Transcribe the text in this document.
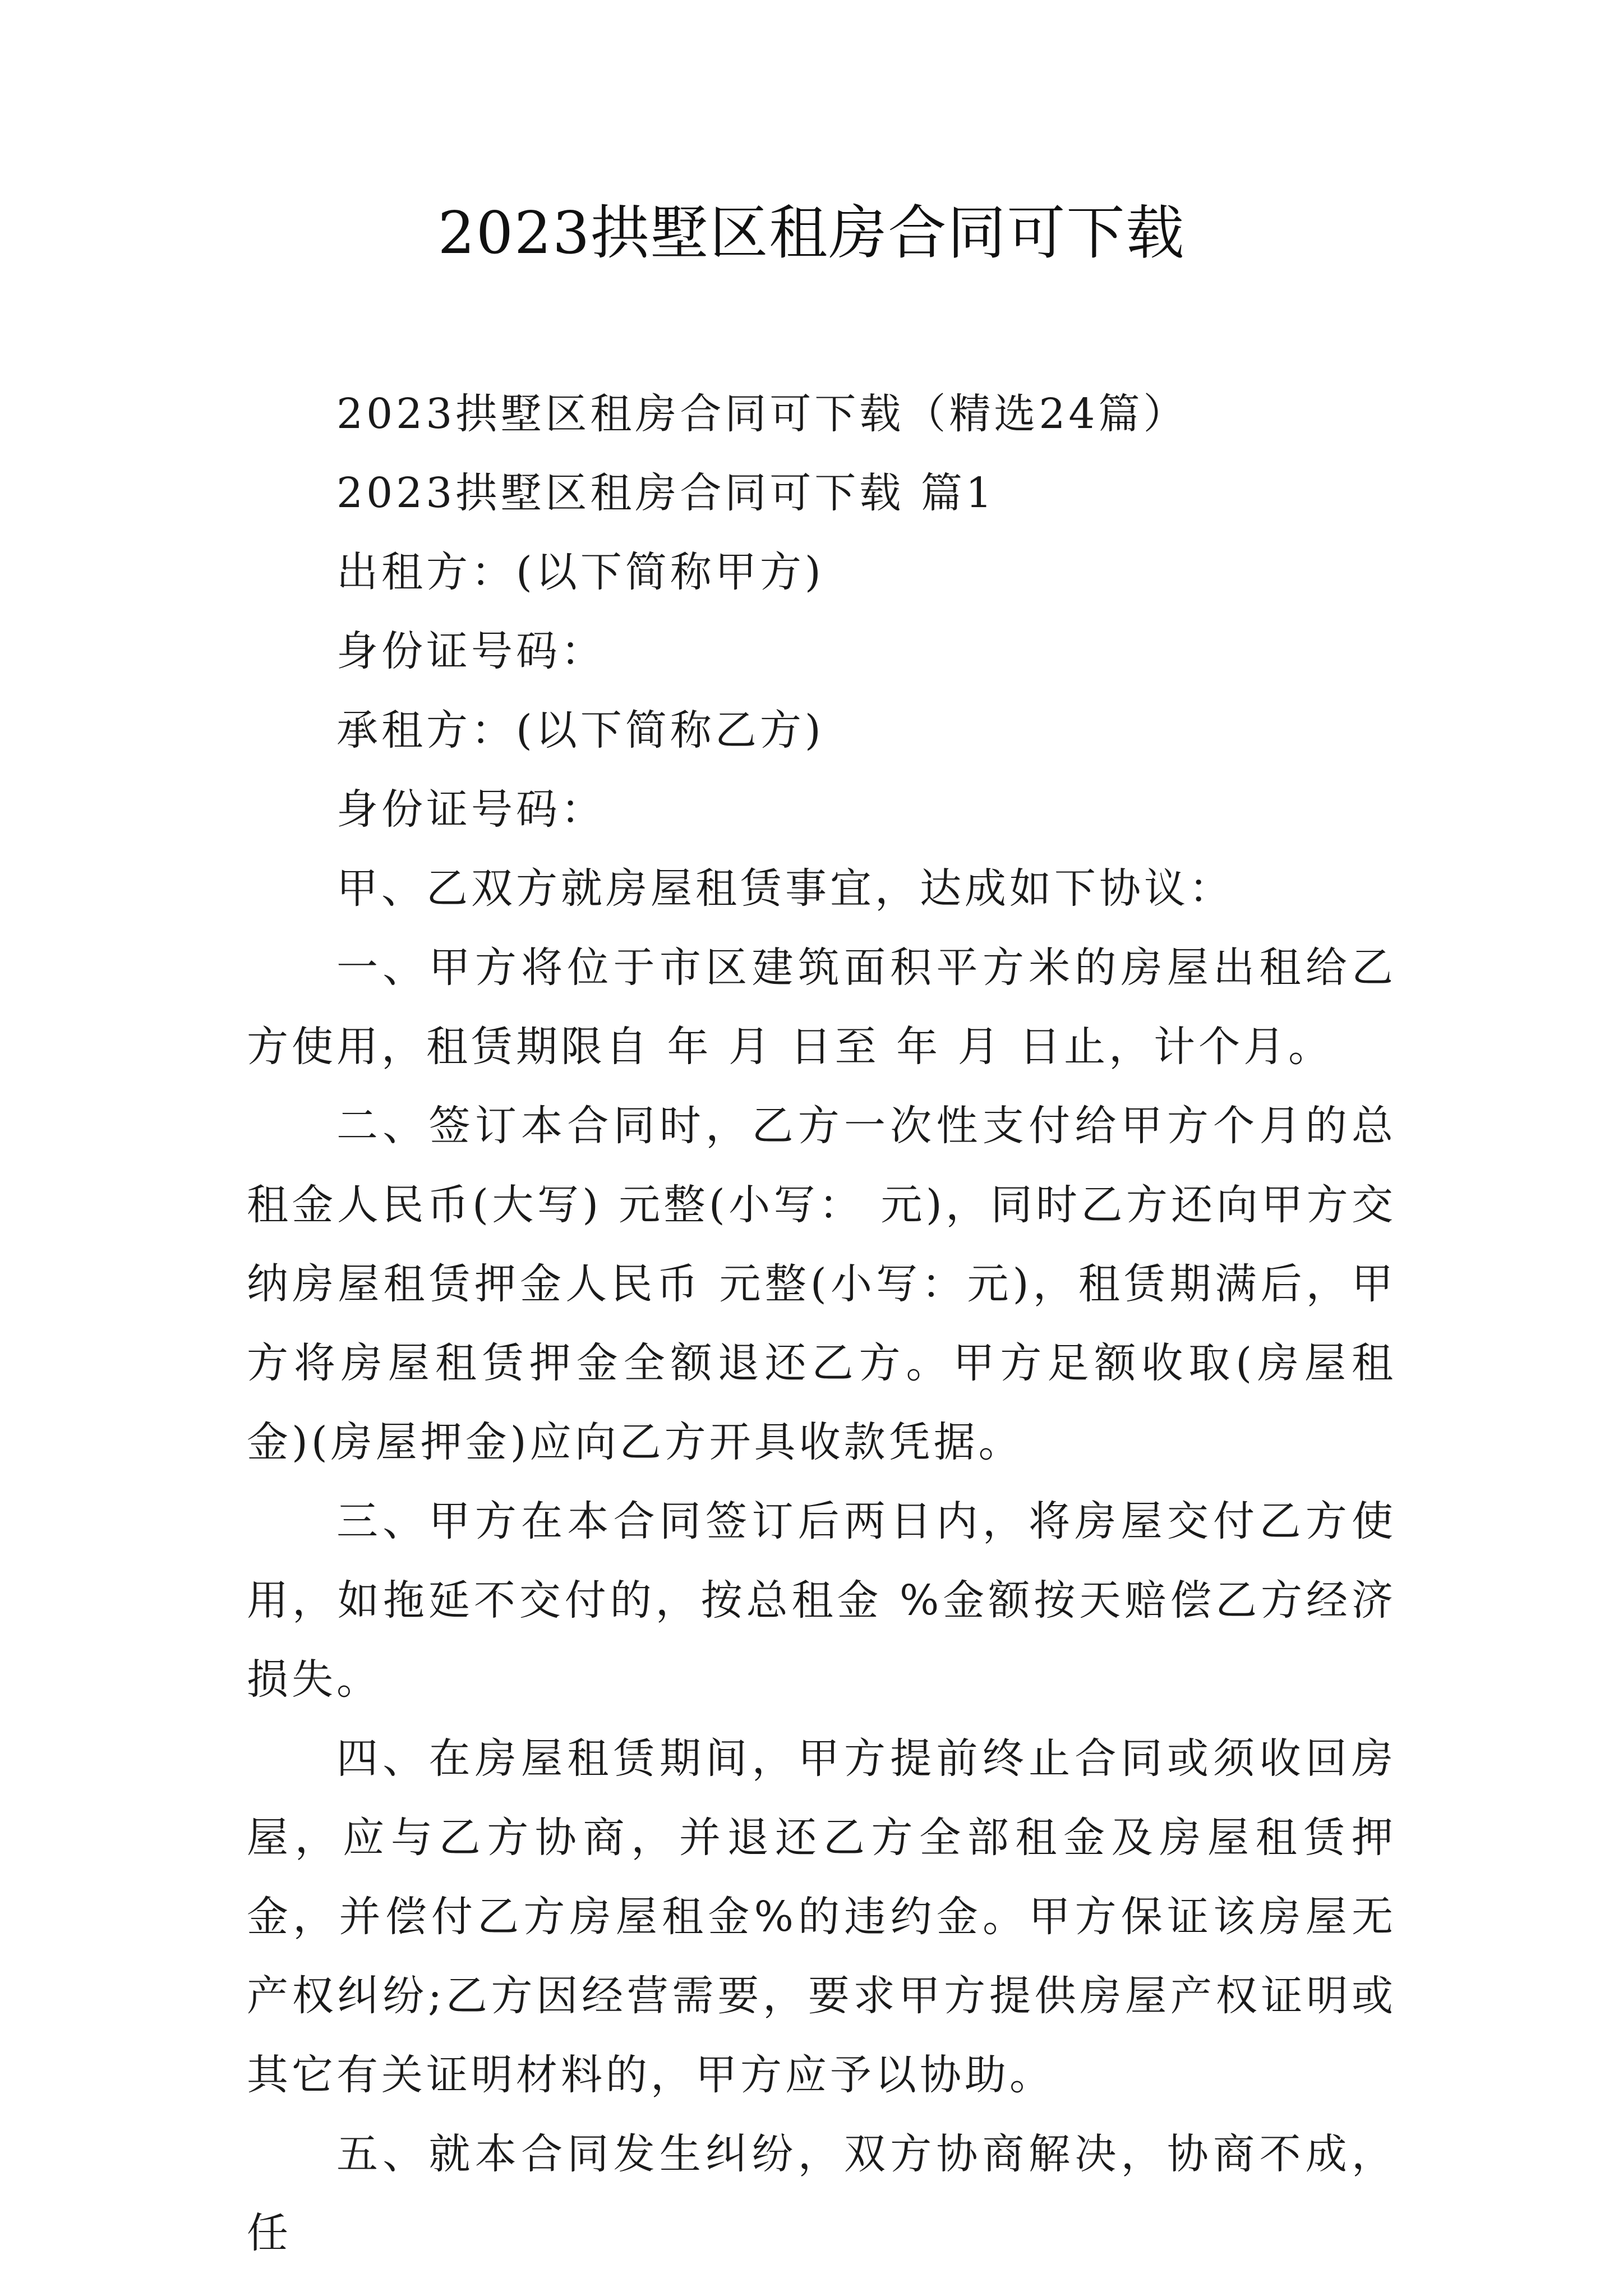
2023拱墅区租房合同可下载

2023拱墅区租房合同可下载（精选24篇）

2023拱墅区租房合同可下载 篇1

出租方：(以下简称甲方)

身份证号码：

承租方：(以下简称乙方)

身份证号码：

甲、乙双方就房屋租赁事宜，达成如下协议：

一、甲方将位于市区建筑面积平方米的房屋出租给乙方使用，租赁期限自 年 月 日至 年 月 日止，计个月。

二、签订本合同时，乙方一次性支付给甲方个月的总租金人民币(大写) 元整(小写： 元)，同时乙方还向甲方交纳房屋租赁押金人民币 元整(小写：元)，租赁期满后，甲方将房屋租赁押金全额退还乙方。甲方足额收取(房屋租金)(房屋押金)应向乙方开具收款凭据。

三、甲方在本合同签订后两日内，将房屋交付乙方使用，如拖延不交付的，按总租金 %金额按天赔偿乙方经济损失。

四、在房屋租赁期间，甲方提前终止合同或须收回房屋，应与乙方协商，并退还乙方全部租金及房屋租赁押金，并偿付乙方房屋租金%的违约金。甲方保证该房屋无产权纠纷;乙方因经营需要，要求甲方提供房屋产权证明或其它有关证明材料的，甲方应予以协助。

五、就本合同发生纠纷，双方协商解决，协商不成，任
